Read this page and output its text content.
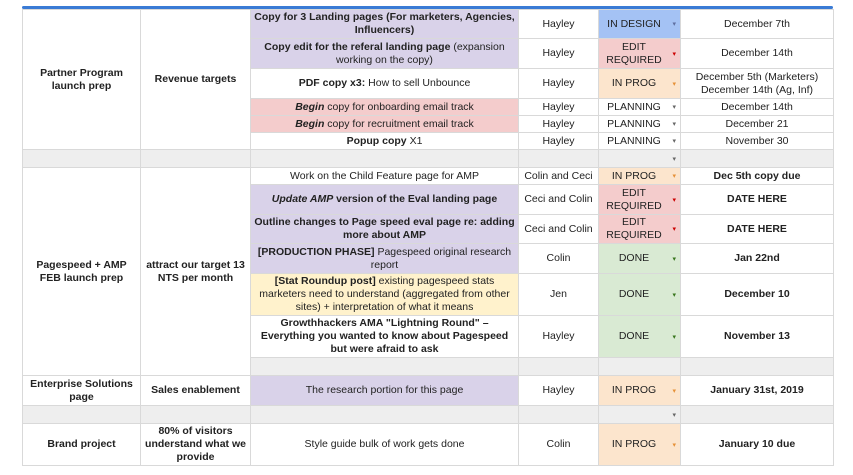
Partner Program launch prep	Revenue targets	Copy for 3 Landing pages (For marketers, Agencies, Influencers)	Hayley	IN DESIGN ▾	December 7th	
		Copy edit for the referal landing page (expansion working on the copy)	Hayley	EDIT REQUIRED ▾	December 14th	
		PDF copy x3: How to sell Unbounce	Hayley	IN PROG ▾	December 5th (Marketers) December 14th (Ag, Inf)	
		Begin copy for onboarding email track	Hayley	PLANNING ▾	December 14th	
		Begin copy for recruitment email track	Hayley	PLANNING ▾	December 21	
		Popup copy X1	Hayley	PLANNING ▾	November 30	

				▾		

Pagespeed + AMP FEB launch prep	attract our target 13 NTS per month	Work on the Child Feature page for AMP	Colin and Ceci	IN PROG ▾	Dec 5th copy due	
		Update AMP version of the Eval landing page	Ceci and Colin	EDIT REQUIRED ▾	DATE HERE	
		Outline changes to Page speed eval page re: adding more about AMP	Ceci and Colin	EDIT REQUIRED ▾	DATE HERE	
		[PRODUCTION PHASE] Pagespeed original research report	Colin	DONE ▾	Jan 22nd	
		[Stat Roundup post] existing pagespeed stats marketers need to understand (aggregated from other sites) + interpretation of what it means	Jen	DONE ▾	December 10	
		Growthhackers AMA "Lightning Round" – Everything you wanted to know about Pagespeed but were afraid to ask	Hayley	DONE ▾	November 13	

Enterprise Solutions page	Sales enablement	The research portion for this page	Hayley	IN PROG ▾	January 31st, 2019	

				▾		

Brand project	80% of visitors understand what we provide	Style guide bulk of work gets done	Colin	IN PROG ▾	January 10 due	
